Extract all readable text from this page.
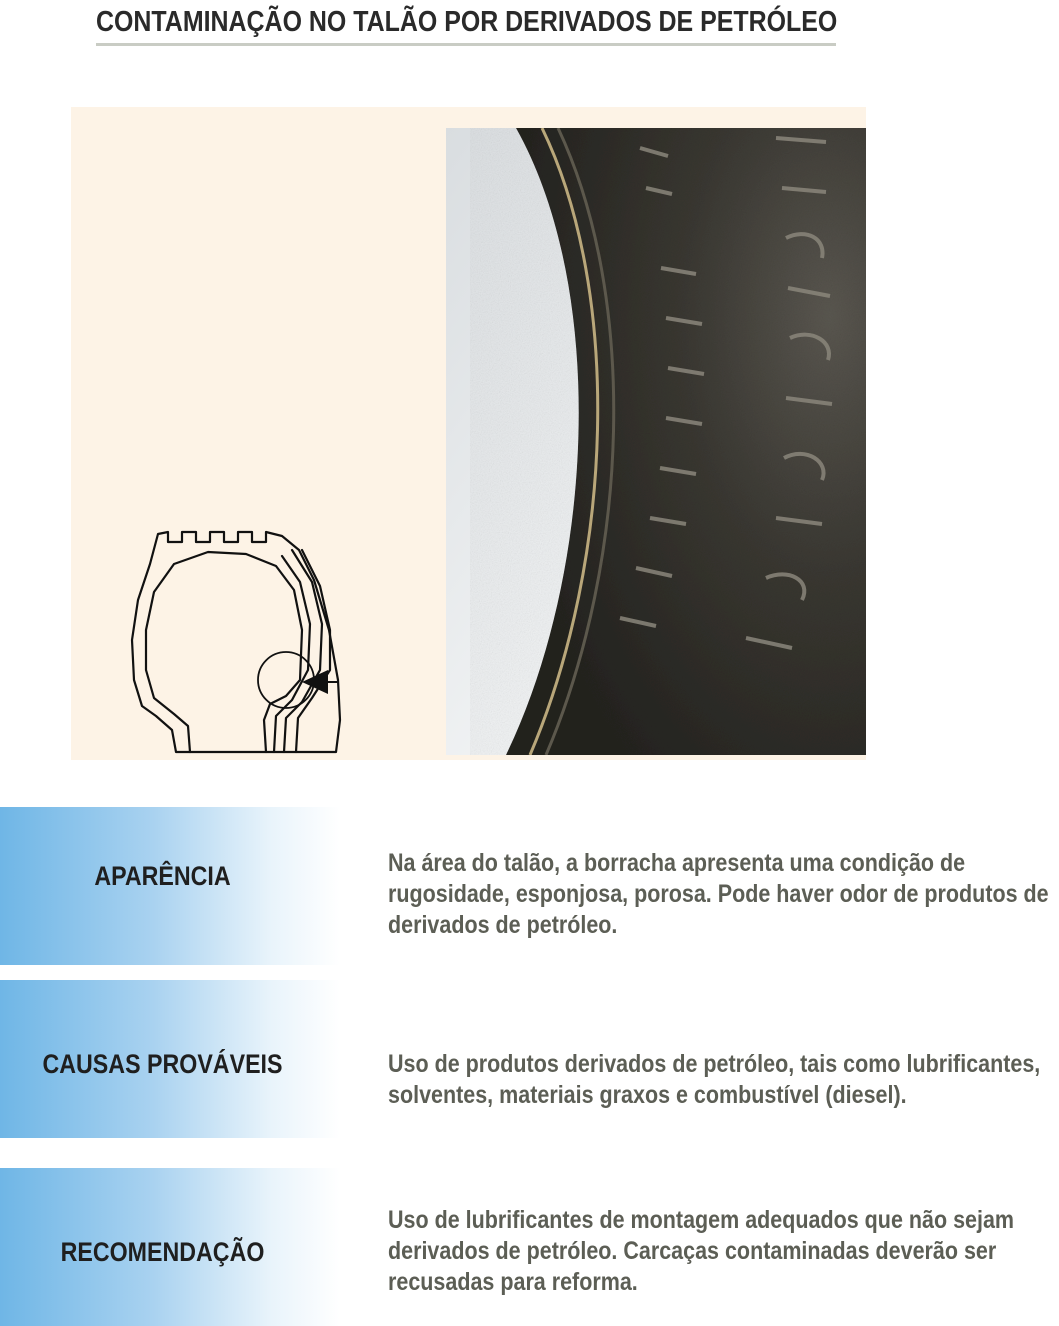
CONTAMINAÇÃO NO TALÃO POR DERIVADOS DE PETRÓLEO
APARÊNCIA	Na área do talão, a borracha apresenta uma condição de rugosidade, esponjosa, porosa. Pode haver odor de produtos de derivados de petróleo.
CAUSAS PROVÁVEIS	Uso de produtos derivados de petróleo, tais como lubrificantes, solventes, materiais graxos e combustível (diesel).
RECOMENDAÇÃO
Uso de lubrificantes de montagem adequados que não sejam derivados de petróleo. Carcaças contaminadas deverão ser recusadas para reforma.
